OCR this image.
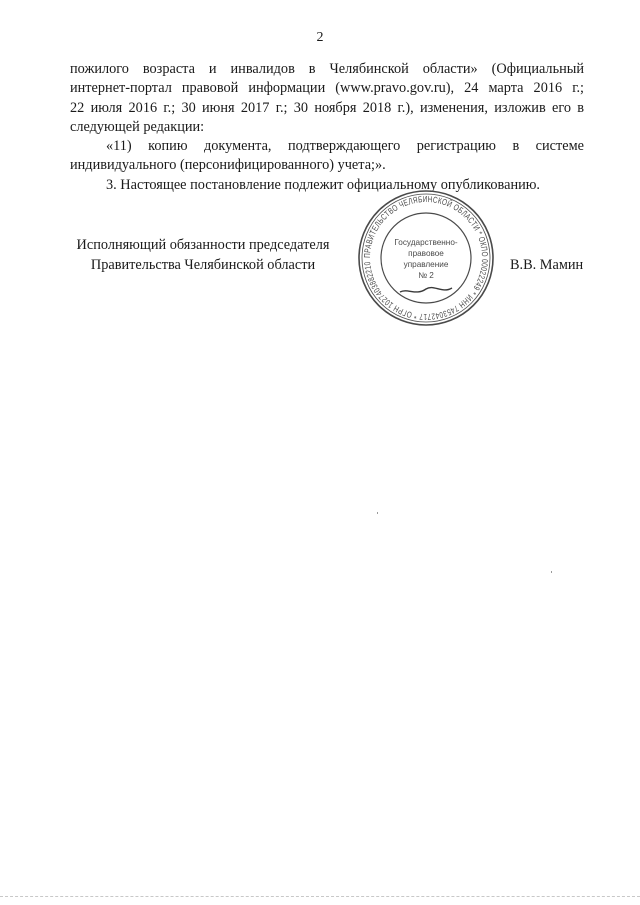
2

пожилого возраста и инвалидов в Челябинской области» (Официальный
интернет-портал правовой информации (www.pravo.gov.ru), 24 марта 2016 г.;
22 июля 2016 г.; 30 июня 2017 г.; 30 ноября 2018 г.), изменения, изложив его в
следующей редакции:

«11) копию документа, подтверждающего регистрацию в системе
индивидуального (персонифицированного) учета;».

3. Настоящее постановление подлежит официальному опубликованию.

Исполняющий обязанности председателя
Правительства Челябинской области	В.В. Мамин
ПРАВИТЕЛЬСТВО ЧЕЛЯБИНСКОЙ ОБЛАСТИ * ОКПО 00022249 * ИНН 7453042717 * ОГРН 1027403882210
Государственно-
правовое
управление
№ 2
